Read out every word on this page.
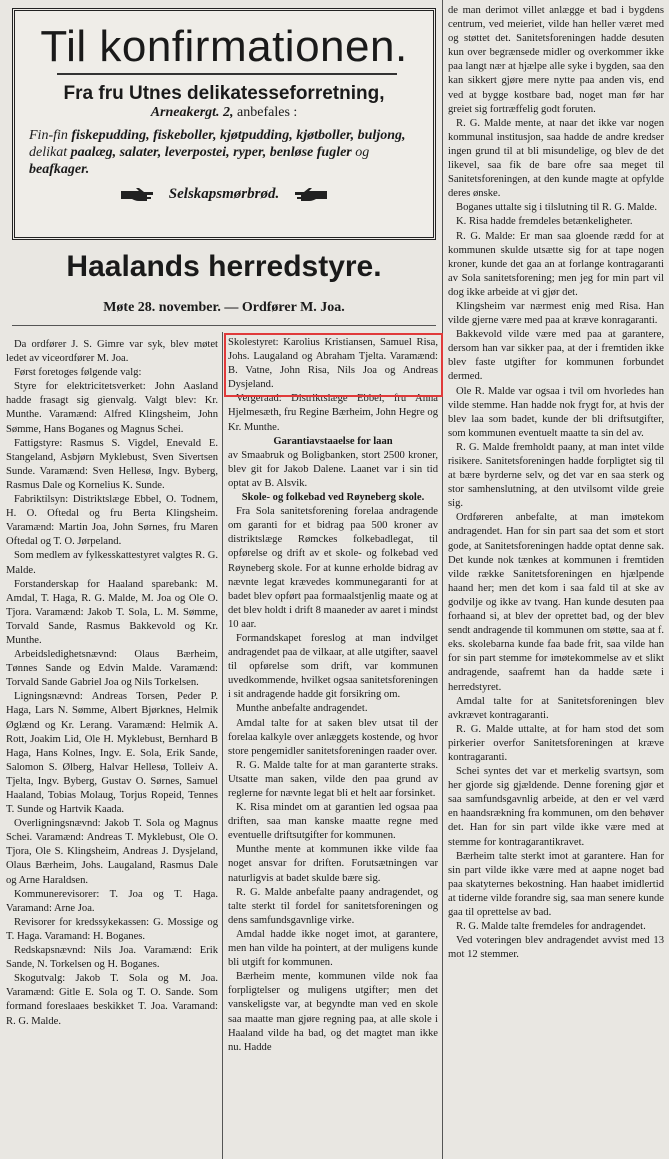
Til konfirmationen.

Fra fru Utnes delikatesseforretning,

Arneakergt. 2, anbefales :

Fin-fin fiskepudding, fiskeboller, kjøtpudding, kjøtboller, buljong, delikat paalæg, salater, leverpostei, ryper, benløse fugler og beafkager.

Selskapsmørbrød.
Haalands herredstyre.

Møte 28. november. — Ordfører M. Joa.

Da ordfører J. S. Gimre var syk, blev møtet ledet av viceordfører M. Joa.

Først foretoges følgende valg:

Styre for elektricitetsverket: John Aasland hadde frasagt sig gienvalg. Valgt blev: Kr. Munthe. Varamænd: Alfred Klingsheim, John Sømme, Hans Boganes og Magnus Schei.

Fattigstyre: Rasmus S. Vigdel, Enevald E. Stangeland, Asbjørn Myklebust, Sven Sivertsen Sunde. Varamænd: Sven Hellesø, Ingv. Byberg, Rasmus Dale og Kornelius K. Sunde.

Fabriktilsyn: Distriktslæge Ebbel, O. Todnem, H. O. Oftedal og fru Berta Klingsheim. Varamænd: Martin Joa, John Sørnes, fru Maren Oftedal og T. O. Jørpeland.

Som medlem av fylkesskattestyret valgtes R. G. Malde.

Forstanderskap for Haaland sparebank: M. Amdal, T. Haga, R. G. Malde, M. Joa og Ole O. Tjora. Varamænd: Jakob T. Sola, L. M. Sømme, Torvald Sande, Rasmus Bakkevold og Kr. Munthe.

Arbeidsledighetsnævnd: Olaus Bærheim, Tønnes Sande og Edvin Malde. Varamænd: Torvald Sande Gabriel Joa og Nils Torkelsen.

Ligningsnævnd: Andreas Torsen, Peder P. Haga, Lars N. Sømme, Albert Bjørknes, Helmik Øglænd og Kr. Lerang. Varamænd: Helmik A. Rott, Joakim Lid, Ole H. Myklebust, Bernhard B Haga, Hans Kolnes, Ingv. E. Sola, Erik Sande, Salomon S. Ølberg, Halvar Hellesø, Tolleiv A. Tjelta, Ingv. Byberg, Gustav O. Sørnes, Samuel Haaland, Tobias Molaug, Torjus Ropeid, Tennes T. Sunde og Hartvik Kaada.

Overligningsnævnd: Jakob T. Sola og Magnus Schei. Varamænd: Andreas T. Myklebust, Ole O. Tjora, Ole S. Klingsheim, Andreas J. Dysjeland, Olaus Bærheim, Johs. Laugaland, Rasmus Dale og Arne Haraldsen.

Kommunerevisorer: T. Joa og T. Haga. Varamand: Arne Joa.

Revisorer for kredssykekassen: G. Mossige og T. Haga. Varamand: H. Boganes.

Redskapsnævnd: Nils Joa. Varamænd: Erik Sande, N. Torkelsen og H. Boganes.

Skogutvalg: Jakob T. Sola og M. Joa. Varamænd: Gitle E. Sola og T. O. Sande. Som formand foreslaaes beskikket T. Joa. Varamand: R. G. Malde.

Skolestyret: Karolius Kristiansen, Samuel Risa, Johs. Laugaland og Abraham Tjelta. Varamænd: B. Vatne, John Risa, Nils Joa og Andreas Dysjeland.

Vergeraad: Distriktslæge Ebbel, fru Anna Hjelmesæth, fru Regine Bærheim, John Hegre og Kr. Munthe.

Garantiavstaaelse for laan

av Smaabruk og Boligbanken, stort 2500 kroner, blev git for Jakob Dalene. Laanet var i sin tid optat av B. Alsvik.

Skole- og folkebad ved Røyneberg skole.

Fra Sola sanitetsforening forelaa andragende om garanti for et bidrag paa 500 kroner av distriktslæge Rømckes folkebadlegat, til opførelse og drift av et skole- og folkebad ved Røyneberg skole. For at kunne erholde bidrag av nævnte legat krævedes kommunegaranti for at badet blev opført paa formaalstjenlig maate og at det blev holdt i drift 8 maaneder av aaret i mindst 10 aar.

Formandskapet foreslog at man indvilget andragendet paa de vilkaar, at alle utgifter, saavel til opførelse som drift, var kommunen uvedkommende, hvilket ogsaa sanitetsforeningen i sit andragende hadde git forsikring om.

Munthe anbefalte andragendet.

Amdal talte for at saken blev utsat til der forelaa kalkyle over anlæggets kostende, og hvor store pengemidler sanitetsforeningen raader over.

R. G. Malde talte for at man garanterte straks. Utsatte man saken, vilde den paa grund av reglerne for nævnte legat bli et helt aar forsinket.

K. Risa mindet om at garantien led ogsaa paa driften, saa man kanske maatte regne med eventuelle driftsutgifter for kommunen.

Munthe mente at kommunen ikke vilde faa noget ansvar for driften. Forutsætningen var naturligvis at badet skulde bære sig.

R. G. Malde anbefalte paany andragendet, og talte sterkt til fordel for sanitetsforeningen og dens samfundsgavnlige virke.

Amdal hadde ikke noget imot, at garantere, men han vilde ha pointert, at der muligens kunde bli utgift for kommunen.

Bærheim mente, kommunen vilde nok faa forpligtelser og muligens utgifter; men det vanskeligste var, at begyndte man ved en skole saa maatte man gjøre regning paa, at alle skole i Haaland vilde ha bad, og det magtet man ikke nu. Hadde

de man derimot villet anlægge et bad i bygdens centrum, ved meieriet, vilde han heller været med og støttet det. Sanitetsforeningen hadde desuten kun over begrænsede midler og overkommer ikke paa langt nær at hjælpe alle syke i bygden, saa den kan sikkert gjøre mere nytte paa anden vis, end ved at bygge kostbare bad, noget man før har greiet sig fortræffelig godt foruten.

R. G. Malde mente, at naar det ikke var nogen kommunal institusjon, saa hadde de andre kredser ingen grund til at bli misundelige, og blev de det likevel, saa fik de bare ofre saa meget til Sanitetsforeningen, at den kunde magte at opfylde deres ønske.

Boganes uttalte sig i tilslutning til R. G. Malde.

K. Risa hadde fremdeles betænkeligheter.

R. G. Malde: Er man saa gloende rædd for at kommunen skulde utsætte sig for at tape nogen kroner, kunde det gaa an at forlange kontragaranti av Sola sanitetsforening; men jeg for min part vil dog ikke arbeide at vi gjør det.

Klingsheim var nærmest enig med Risa. Han vilde gjerne være med paa at kræve konragaranti.

Bakkevold vilde være med paa at garantere, dersom han var sikker paa, at der i fremtiden ikke blev faste utgifter for kommunen forbundet dermed.

Ole R. Malde var ogsaa i tvil om hvorledes han vilde stemme. Han hadde nok frygt for, at hvis der blev laa som badet, kunde der bli driftsutgifter, som kommunen eventuelt maatte ta sin del av.

R. G. Malde fremholdt paany, at man intet vilde risikere. Sanitetsforeningen hadde forpligtet sig til at bære byrderne selv, og det var en saa sterk og stor samhenslutning, at den utvilsomt vilde greie sig.

Ordføreren anbefalte, at man imøtekom andragendet. Han for sin part saa det som et stort gode, at Sanitetsforeningen hadde optat denne sak. Det kunde nok tænkes at kommunen i fremtiden vilde række Sanitetsforeningen en hjælpende haand her; men det kom i saa fald til at ske av godvilje og ikke av tvang. Han kunde desuten paa forhaand si, at blev der oprettet bad, og der blev sendt andragende til kommunen om støtte, saa at f. eks. skolebarna kunde faa bade frit, saa vilde han for sin part stemme for imøtekommelse av et slikt andragende, saafremt han da hadde sæte i herredstyret.

Amdal talte for at Sanitetsforeningen blev avkrævet kontragaranti.

R. G. Malde uttalte, at for ham stod det som pirkerier overfor Sanitetsforeningen at kræve kontragaranti.

Schei syntes det var et merkelig svartsyn, som her gjorde sig gjældende. Denne forening gjør et saa samfundsgavnlig arbeide, at den er vel værd en haandsrækning fra kommunen, om den behøver det. Han for sin part vilde ikke være med at stemme for kontragarantikravet.

Bærheim talte sterkt imot at garantere. Han for sin part vilde ikke være med at aapne noget bad paa skatyternes bekostning. Han haabet imidlertid at tiderne vilde forandre sig, saa man senere kunde gaa til oprettelse av bad.

R. G. Malde talte fremdeles for andragendet.

Ved voteringen blev andragendet avvist med 13 mot 12 stemmer.
